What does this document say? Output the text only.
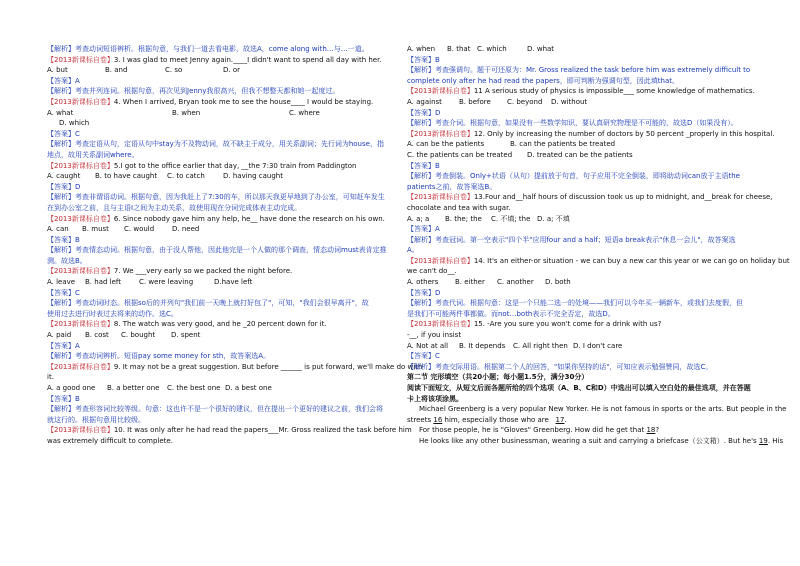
【解析】考查动词短语辨析。根据句意，与我们一道去看电影，故选A，come along with…与…一道。
【2013新课标自卷】3. I was glad to meet Jenny again.____I didn't want to spend all day with her.
A. but	B. and	C. so	D. or
【答案】A
【解析】考查并列连词。根据句意，再次见到Jenny我很高兴，但我不想整天都和她一起度过。
【2013新课标自卷】4. When I arrived, Bryan took me to see the house____ I would be staying.
A. what	B. when	C. where
D. which
【答案】C
【解析】考查定语从句，定语从句中stay为不及物动词，故不缺主于成分，用关系副词；先行词为house，指
地点，故用关系副词where。
【2013新课标自卷】5.I got to the office earlier that day, __the 7:30 train from Paddington
A. caught	B. to have caught	C. to catch	D. having caught
【答案】D
【解析】考查非谓语动词。根据句意，因为我赶上了7:30的车，所以那天我更早地到了办公室，可知赶车发生
在到办公室之前，且与主语I之间为主动关系，故使用现在分词完成体表主动完成。
【2013新课标自卷】6. Since nobody gave him any help, he__ have done the research on his own.
A. can	B. must	C. would	D. need
【答案】B
【解析】考查情态动词。根据句意，由于没人帮他，因此他完是一个人做的那个调查，情态动词must表肯定推
测。故选B。
【2013新课标自卷】7. We ___very early so we packed the night before.
A. leave	B. had left	C. were leaving	D.have left
【答案】C
【解析】考查动词时态。根据so后的并列句"我们前一天晚上就打好包了"，可知，"我们会很早离开"，故
使用过去进行时表过去将来的动作。选C。
【2013新课标自卷】8. The watch was very good, and he _20 percent down for it.
A. paid	B. cost	C. bought	D. spent
【答案】A
【解析】考查动词辨析。短语pay some money for sth，故答案选A。
【2013新课标自卷】9. It may not be a great suggestion. But before ______ is put forward, we'll make do with
it.
A. a good one	B. a better one	C. the best one D. a best one
【答案】B
【解析】考查形容词比较等级。句意：这也许不是一个很好的建议，但在提出一个更好的建议之前，我们会将
就这行的。根据句意用比较级。
【2013新课标自卷】10. It was only after he had read the papers___Mr. Gross realized the task before him
was extremely difficult to complete.
A. when	B. that C. which	D. what
【答案】B
【解析】考查强调句。题干可还原为：Mr. Gross realized the task before him was extremely difficult to
complete only after he had read the papers，即可判断为强调句型，因此填that。
【2013新课标自卷】11 A serious study of physics is impossible___ some knowledge of mathematics.
A. against	B. before	C. beyond	D. without
【答案】D
【解析】考查介词。根据句意，如果没有一些数学知识，要认真研究物理是不可能的，故选D（如果没有）。
【2013新课标自卷】12. Only by increasing the number of doctors by 50 percent _properly in this hospital.
A. can be the patients	B. can the patients be treated
C. the patients can be treated	D. treated can be the patients
【答案】B
【解析】考查倒装。Only+状语（从句）提前放于句首，句子应用不完全倒装，即将助动词can放于主语the
patients之前，故答案选B。
【2013新课标自卷】13.Four and__half hours of discussion took us up to midnight, and__break for cheese,
chocolate and tea with sugar.
A. a; a	B. the; the	C. 不填; the D. a; 不填
【答案】A
【解析】考查冠词。第一空表示"四个半"应用four and a half；短语a break表示"休息一会儿"，故答案选
A。
【2013新课标自卷】14. It's an either-or situation - we can buy a new car this year or we can go on holiday but
we can't do__.
A. others	B. either	C. another	D. both
【答案】D
【解析】考查代词。根据句意：这是一个只能二选一的处境——我们可以今年买一辆新车，或我们去度假，但
是我们不可能两件事都做。而not…both表示不完全否定，故选D。
【2013新课标自卷】15. -Are you sure you won't come for a drink with us?
-__, if you insist
A. Not at all	B. It depends	C. All right then D. I don't care
【答案】C
【解析】考查交际用语。根据第二个人的回答，"如果你坚持的话"，可知应表示勉强赞同，故选C。
第二节 完形填空（共20小题；每小题1.5分，满分30分）
阅读下面短文，从短文后面各题所给的四个选项（A、B、C和D）中选出可以填入空白处的最佳选项，并在答题
卡上将该项涂黑。
Michael Greenberg is a very popular New Yorker. He is not famous in sports or the arts. But people in the
streets 16 him, especially those who are 17.
For those people, he is "Gloves" Greenberg. How did he get that 18?
He looks like any other businessman, wearing a suit and carrying a briefcase（公文箱）. But he's 19. His
